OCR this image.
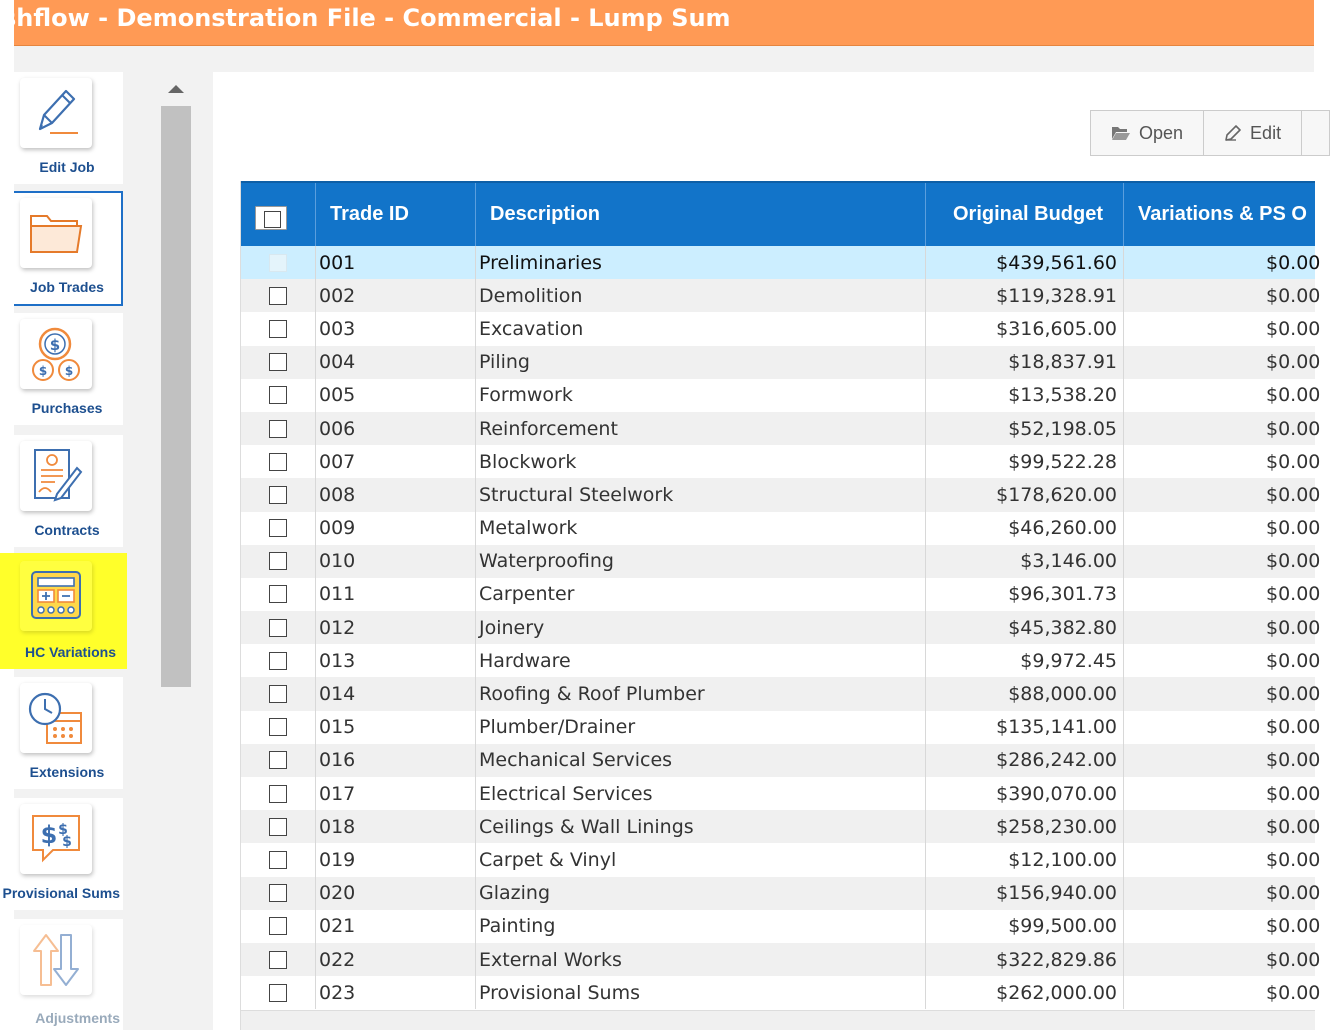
shflow - Demonstration File - Commercial - Lump Sum
Edit Job
Job Trades
$
$ $
Purchases
Contracts
HC Variations
Extensions
$ $
$
Provisional Sums
Adjustments
Open	Edit
Trade ID	Description	Original Budget	Variations & PS O
001	Preliminaries	$439,561.60	$0.00
002	Demolition	$119,328.91	$0.00
003	Excavation	$316,605.00	$0.00
004	Piling	$18,837.91	$0.00
005	Formwork	$13,538.20	$0.00
006	Reinforcement	$52,198.05	$0.00
007	Blockwork	$99,522.28	$0.00
008	Structural Steelwork	$178,620.00	$0.00
009	Metalwork	$46,260.00	$0.00
010	Waterproofing	$3,146.00	$0.00
011	Carpenter	$96,301.73	$0.00
012	Joinery	$45,382.80	$0.00
013	Hardware	$9,972.45	$0.00
014	Roofing & Roof Plumber	$88,000.00	$0.00
015	Plumber/Drainer	$135,141.00	$0.00
016	Mechanical Services	$286,242.00	$0.00
017	Electrical Services	$390,070.00	$0.00
018	Ceilings & Wall Linings	$258,230.00	$0.00
019	Carpet & Vinyl	$12,100.00	$0.00
020	Glazing	$156,940.00	$0.00
021	Painting	$99,500.00	$0.00
022	External Works	$322,829.86	$0.00
023	Provisional Sums	$262,000.00	$0.00
